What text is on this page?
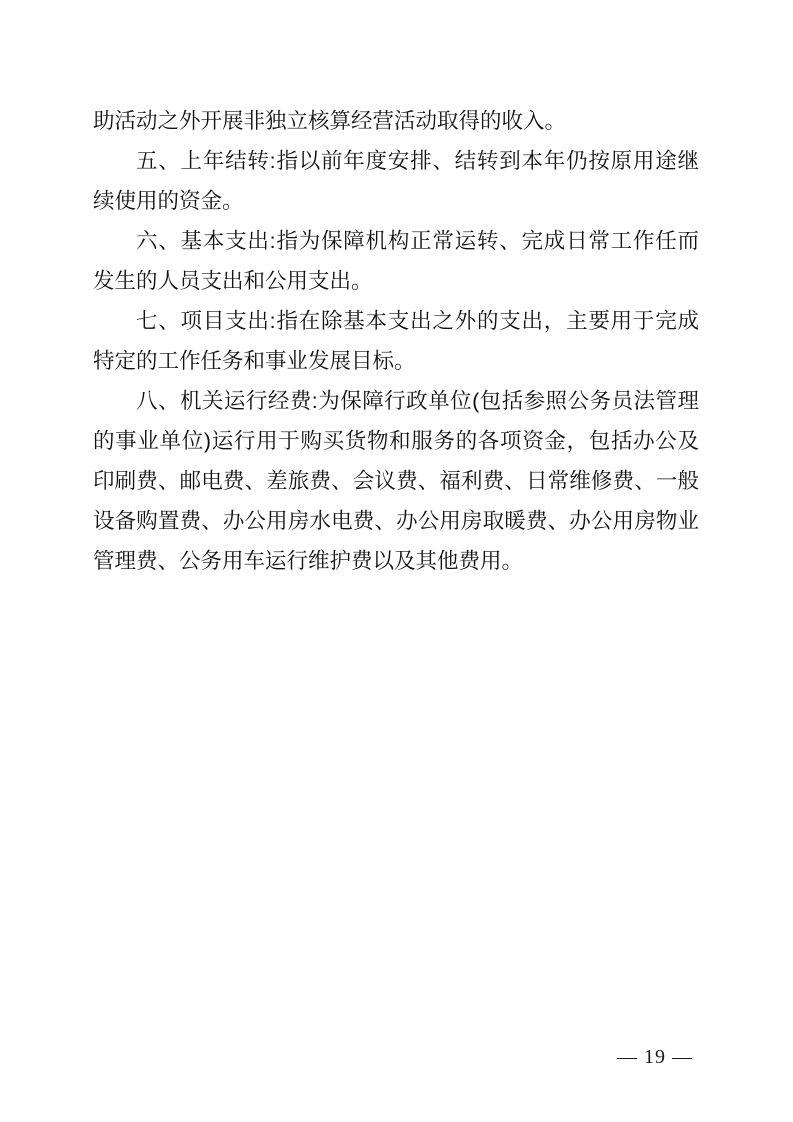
助活动之外开展非独立核算经营活动取得的收入。
五、上年结转:指以前年度安排、结转到本年仍按原用途继
续使用的资金。
六、基本支出:指为保障机构正常运转、完成日常工作任而
发生的人员支出和公用支出。
七、项目支出:指在除基本支出之外的支出，主要用于完成
特定的工作任务和事业发展目标。
八、机关运行经费:为保障行政单位(包括参照公务员法管理
的事业单位)运行用于购买货物和服务的各项资金，包括办公及
印刷费、邮电费、差旅费、会议费、福利费、日常维修费、一般
设备购置费、办公用房水电费、办公用房取暖费、办公用房物业
管理费、公务用车运行维护费以及其他费用。
— 19 —
